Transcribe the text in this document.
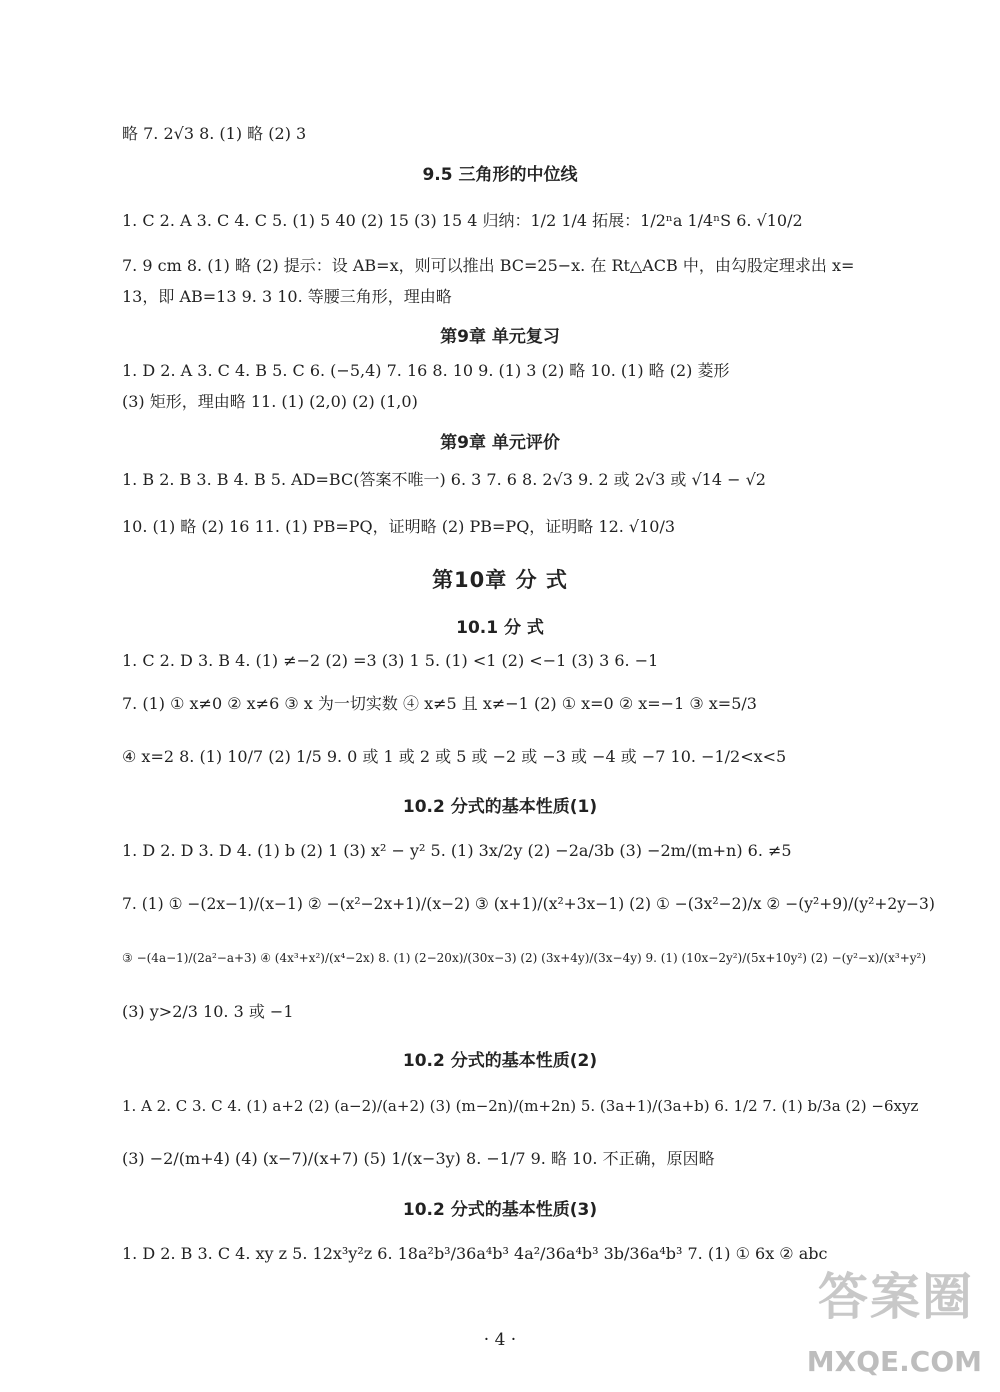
略 7. 2√3 8. (1) 略 (2) 3
9.5 三角形的中位线
1. C 2. A 3. C 4. C 5. (1) 5 40 (2) 15 (3) 15 4 归纳：1/2 1/4 拓展：1/2ⁿa 1/4ⁿS 6. √10/2
7. 9 cm 8. (1) 略 (2) 提示：设 AB=x，则可以推出 BC=25−x. 在 Rt△ACB 中，由勾股定理求出 x=
13，即 AB=13 9. 3 10. 等腰三角形，理由略
第9章 单元复习
1. D 2. A 3. C 4. B 5. C 6. (−5,4) 7. 16 8. 10 9. (1) 3 (2) 略 10. (1) 略 (2) 菱形
(3) 矩形，理由略 11. (1) (2,0) (2) (1,0)
第9章 单元评价
1. B 2. B 3. B 4. B 5. AD=BC(答案不唯一) 6. 3 7. 6 8. 2√3 9. 2 或 2√3 或 √14 − √2
10. (1) 略 (2) 16 11. (1) PB=PQ，证明略 (2) PB=PQ，证明略 12. √10/3
第10章 分 式
10.1 分 式
1. C 2. D 3. B 4. (1) ≠−2 (2) =3 (3) 1 5. (1) <1 (2) <−1 (3) 3 6. −1
7. (1) ① x≠0 ② x≠6 ③ x 为一切实数 ④ x≠5 且 x≠−1 (2) ① x=0 ② x=−1 ③ x=5/3
④ x=2 8. (1) 10/7 (2) 1/5 9. 0 或 1 或 2 或 5 或 −2 或 −3 或 −4 或 −7 10. −1/2<x<5
10.2 分式的基本性质(1)
1. D 2. D 3. D 4. (1) b (2) 1 (3) x² − y² 5. (1) 3x/2y (2) −2a/3b (3) −2m/(m+n) 6. ≠5
7. (1) ① −(2x−1)/(x−1) ② −(x²−2x+1)/(x−2) ③ (x+1)/(x²+3x−1) (2) ① −(3x²−2)/x ② −(y²+9)/(y²+2y−3)
③ −(4a−1)/(2a²−a+3) ④ (4x³+x²)/(x⁴−2x) 8. (1) (2−20x)/(30x−3) (2) (3x+4y)/(3x−4y) 9. (1) (10x−2y²)/(5x+10y²) (2) −(y²−x)/(x³+y²)
(3) y>2/3 10. 3 或 −1
10.2 分式的基本性质(2)
1. A 2. C 3. C 4. (1) a+2 (2) (a−2)/(a+2) (3) (m−2n)/(m+2n) 5. (3a+1)/(3a+b) 6. 1/2 7. (1) b/3a (2) −6xyz
(3) −2/(m+4) (4) (x−7)/(x+7) (5) 1/(x−3y) 8. −1/7 9. 略 10. 不正确，原因略
10.2 分式的基本性质(3)
1. D 2. B 3. C 4. xy z 5. 12x³y²z 6. 18a²b³/36a⁴b³ 4a²/36a⁴b³ 3b/36a⁴b³ 7. (1) ① 6x ② abc
· 4 ·
答案圈
MXQE.COM
